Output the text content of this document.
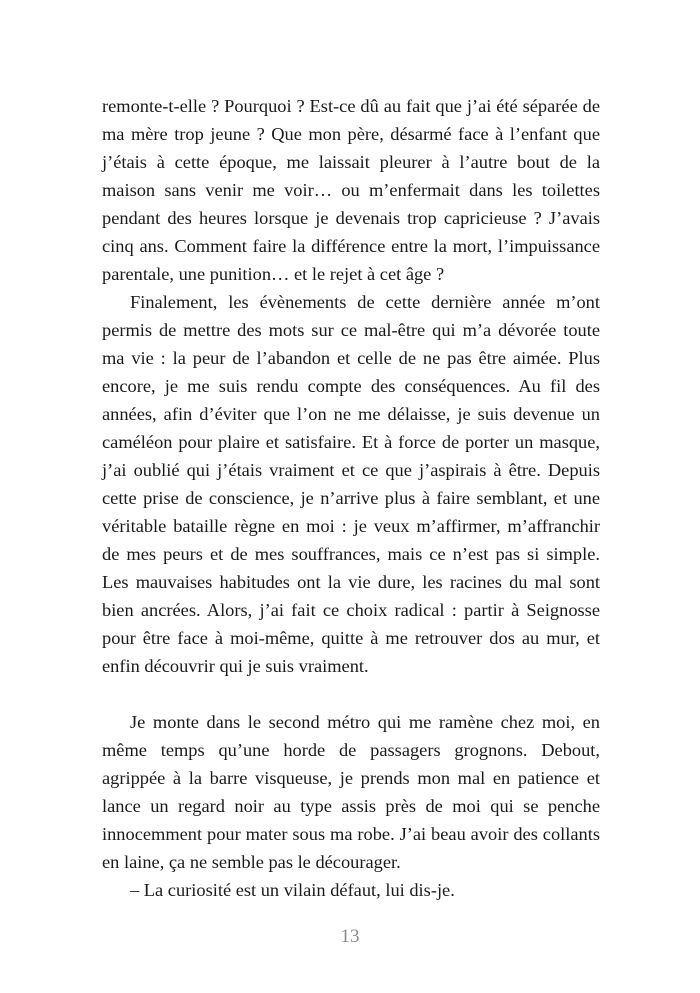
remonte-t-elle ? Pourquoi ? Est-ce dû au fait que j’ai été séparée de ma mère trop jeune ? Que mon père, désarmé face à l’enfant que j’étais à cette époque, me laissait pleurer à l’autre bout de la maison sans venir me voir… ou m’enfermait dans les toilettes pendant des heures lorsque je devenais trop capricieuse ? J’avais cinq ans. Comment faire la différence entre la mort, l’impuissance parentale, une punition… et le rejet à cet âge ?

Finalement, les évènements de cette dernière année m’ont permis de mettre des mots sur ce mal-être qui m’a dévorée toute ma vie : la peur de l’abandon et celle de ne pas être aimée. Plus encore, je me suis rendu compte des conséquences. Au fil des années, afin d’éviter que l’on ne me délaisse, je suis devenue un caméléon pour plaire et satisfaire. Et à force de porter un masque, j’ai oublié qui j’étais vraiment et ce que j’aspirais à être. Depuis cette prise de conscience, je n’arrive plus à faire semblant, et une véritable bataille règne en moi : je veux m’affirmer, m’affranchir de mes peurs et de mes souffrances, mais ce n’est pas si simple. Les mauvaises habitudes ont la vie dure, les racines du mal sont bien ancrées. Alors, j’ai fait ce choix radical : partir à Seignosse pour être face à moi-même, quitte à me retrouver dos au mur, et enfin découvrir qui je suis vraiment.

Je monte dans le second métro qui me ramène chez moi, en même temps qu’une horde de passagers grognons. Debout, agrippée à la barre visqueuse, je prends mon mal en patience et lance un regard noir au type assis près de moi qui se penche innocemment pour mater sous ma robe. J’ai beau avoir des collants en laine, ça ne semble pas le décourager.

– La curiosité est un vilain défaut, lui dis-je.

13
